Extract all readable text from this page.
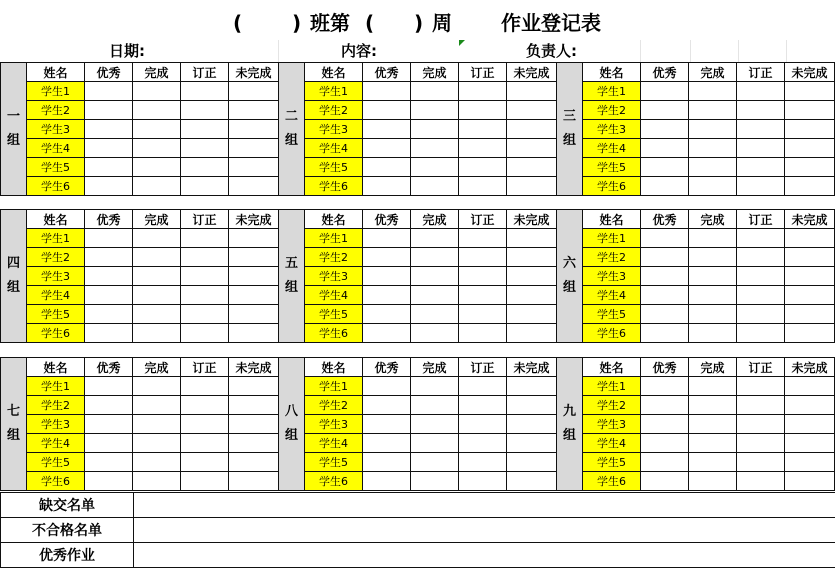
( ) 班第 ( ) 周 作业登记表
日期:	内容:	负责人:
一组	姓名	优秀	完成	订正	未完成
	学生1				
	学生2				
	学生3				
	学生4				
	学生5				
	学生6				
二组	姓名	优秀	完成	订正	未完成
	学生1				
	学生2				
	学生3				
	学生4				
	学生5				
	学生6				
三组	姓名	优秀	完成	订正	未完成
	学生1				
	学生2				
	学生3				
	学生4				
	学生5				
	学生6				
四组	姓名	优秀	完成	订正	未完成
	学生1				
	学生2				
	学生3				
	学生4				
	学生5				
	学生6				
五组	姓名	优秀	完成	订正	未完成
	学生1				
	学生2				
	学生3				
	学生4				
	学生5				
	学生6				
六组	姓名	优秀	完成	订正	未完成
	学生1				
	学生2				
	学生3				
	学生4				
	学生5				
	学生6				
七组	姓名	优秀	完成	订正	未完成
	学生1				
	学生2				
	学生3				
	学生4				
	学生5				
	学生6				
八组	姓名	优秀	完成	订正	未完成
	学生1				
	学生2				
	学生3				
	学生4				
	学生5				
	学生6				
九组	姓名	优秀	完成	订正	未完成
	学生1				
	学生2				
	学生3				
	学生4				
	学生5				
	学生6				
缺交名单	
不合格名单	
优秀作业	
